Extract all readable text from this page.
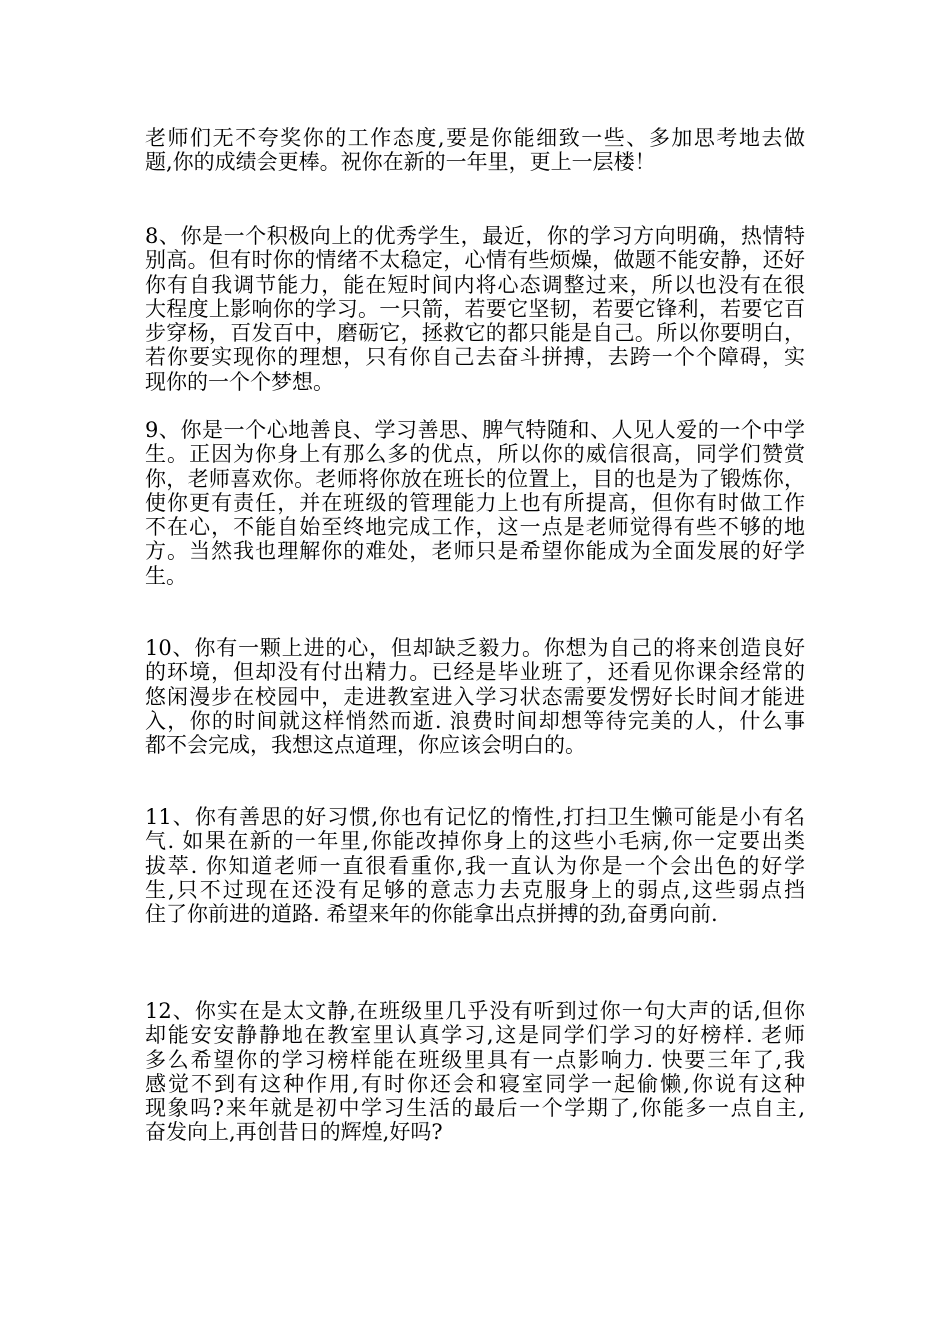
老师们无不夸奖你的工作态度,要是你能细致一些、多加思考地去做
题,你的成绩会更棒。祝你在新的一年里，更上一层楼！
8、你是一个积极向上的优秀学生，最近，你的学习方向明确，热情特
别高。但有时你的情绪不太稳定，心情有些烦燥，做题不能安静，还好
你有自我调节能力，能在短时间内将心态调整过来，所以也没有在很
大程度上影响你的学习。一只箭，若要它坚韧，若要它锋利，若要它百
步穿杨，百发百中，磨砺它，拯救它的都只能是自己。所以你要明白，
若你要实现你的理想，只有你自己去奋斗拼搏，去跨一个个障碍，实
现你的一个个梦想。
9、你是一个心地善良、学习善思、脾气特随和、人见人爱的一个中学
生。正因为你身上有那么多的优点，所以你的威信很高，同学们赞赏
你，老师喜欢你。老师将你放在班长的位置上，目的也是为了锻炼你，
使你更有责任，并在班级的管理能力上也有所提高，但你有时做工作
不在心，不能自始至终地完成工作，这一点是老师觉得有些不够的地
方。当然我也理解你的难处，老师只是希望你能成为全面发展的好学
生。
10、你有一颗上进的心，但却缺乏毅力。你想为自己的将来创造良好
的环境，但却没有付出精力。已经是毕业班了，还看见你课余经常的
悠闲漫步在校园中，走进教室进入学习状态需要发愣好长时间才能进
入，你的时间就这样悄然而逝. 浪费时间却想等待完美的人，什么事
都不会完成，我想这点道理，你应该会明白的。
11、你有善思的好习惯,你也有记忆的惰性,打扫卫生懒可能是小有名
气. 如果在新的一年里,你能改掉你身上的这些小毛病,你一定要出类
拔萃. 你知道老师一直很看重你,我一直认为你是一个会出色的好学
生,只不过现在还没有足够的意志力去克服身上的弱点,这些弱点挡
住了你前进的道路. 希望来年的你能拿出点拼搏的劲,奋勇向前.
12、你实在是太文静,在班级里几乎没有听到过你一句大声的话,但你
却能安安静静地在教室里认真学习,这是同学们学习的好榜样. 老师
多么希望你的学习榜样能在班级里具有一点影响力. 快要三年了,我
感觉不到有这种作用,有时你还会和寝室同学一起偷懒,你说有这种
现象吗?来年就是初中学习生活的最后一个学期了,你能多一点自主,
奋发向上,再创昔日的辉煌,好吗?
